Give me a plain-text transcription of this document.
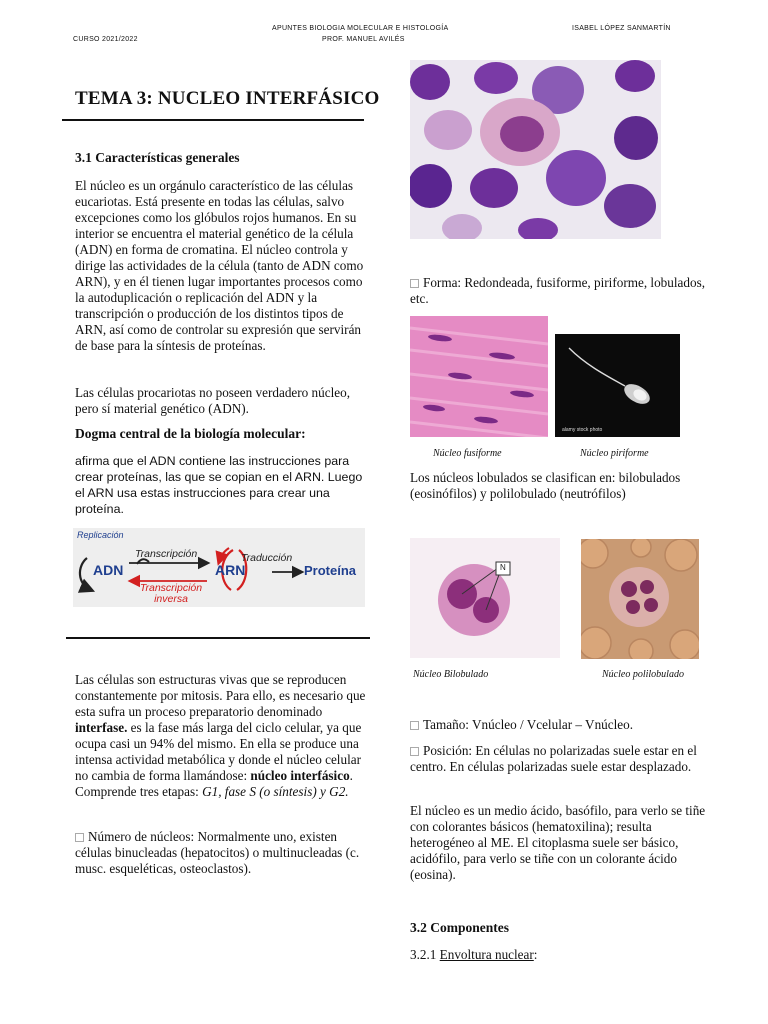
CURSO 2021/2022
APUNTES BIOLOGIA MOLECULAR E HISTOLOGÍA
PROF. MANUEL AVILÉS
ISABEL LÓPEZ SANMARTÍN
TEMA 3: NUCLEO INTERFÁSICO
3.1 Características generales
El núcleo es un orgánulo característico de las células eucariotas. Está presente en todas las células, salvo excepciones como los glóbulos rojos humanos. En su interior se encuentra el material genético de la célula (ADN) en forma de cromatina. El núcleo controla y dirige las actividades de la célula (tanto de ADN como ARN), y en él tienen lugar importantes procesos como la autoduplicación o replicación del ADN y la transcripción o producción de los distintos tipos de ARN, así como de controlar su expresión que servirán de base para la síntesis de proteínas.
Las células procariotas no poseen verdadero núcleo, pero sí material genético (ADN).
Dogma central de la biología molecular:
afirma que el ADN contiene las instrucciones para crear proteínas, las que se copian en el ARN. Luego el ARN usa estas instrucciones para crear una proteína.
Replicación
Transcripción	Traducción
ADN	ARN	Proteína
Transcripción
inversa
Las células son estructuras vivas que se reproducen constantemente por mitosis. Para ello, es necesario que esta sufra un proceso preparatorio denominado interfase. es la fase más larga del ciclo celular, ya que ocupa casi un 94% del mismo. En ella se produce una intensa actividad metabólica y donde el núcleo celular no cambia de forma llamándose: núcleo interfásico. Comprende tres etapas: G1, fase S (o síntesis) y G2.
Número de núcleos: Normalmente uno, existen células binucleadas (hepatocitos) o multinucleadas (c. musc. esqueléticas, osteoclastos).
Forma: Redondeada, fusiforme, piriforme, lobulados, etc.
alamy stock photo
Núcleo fusiforme	Núcleo piriforme
Los núcleos lobulados se clasifican en: bilobulados (eosinófilos) y polilobulado (neutrófilos)
N
Núcleo Bilobulado	Núcleo polilobulado
Tamaño: Vnúcleo / Vcelular – Vnúcleo.
Posición: En células no polarizadas suele estar en el centro. En células polarizadas suele estar desplazado.
El núcleo es un medio ácido, basófilo, para verlo se tiñe con colorantes básicos (hematoxilina); resulta heterogéneo al ME. El citoplasma suele ser básico, acidófilo, para verlo se tiñe con un colorante ácido (eosina).
3.2 Componentes
3.2.1 Envoltura nuclear:
